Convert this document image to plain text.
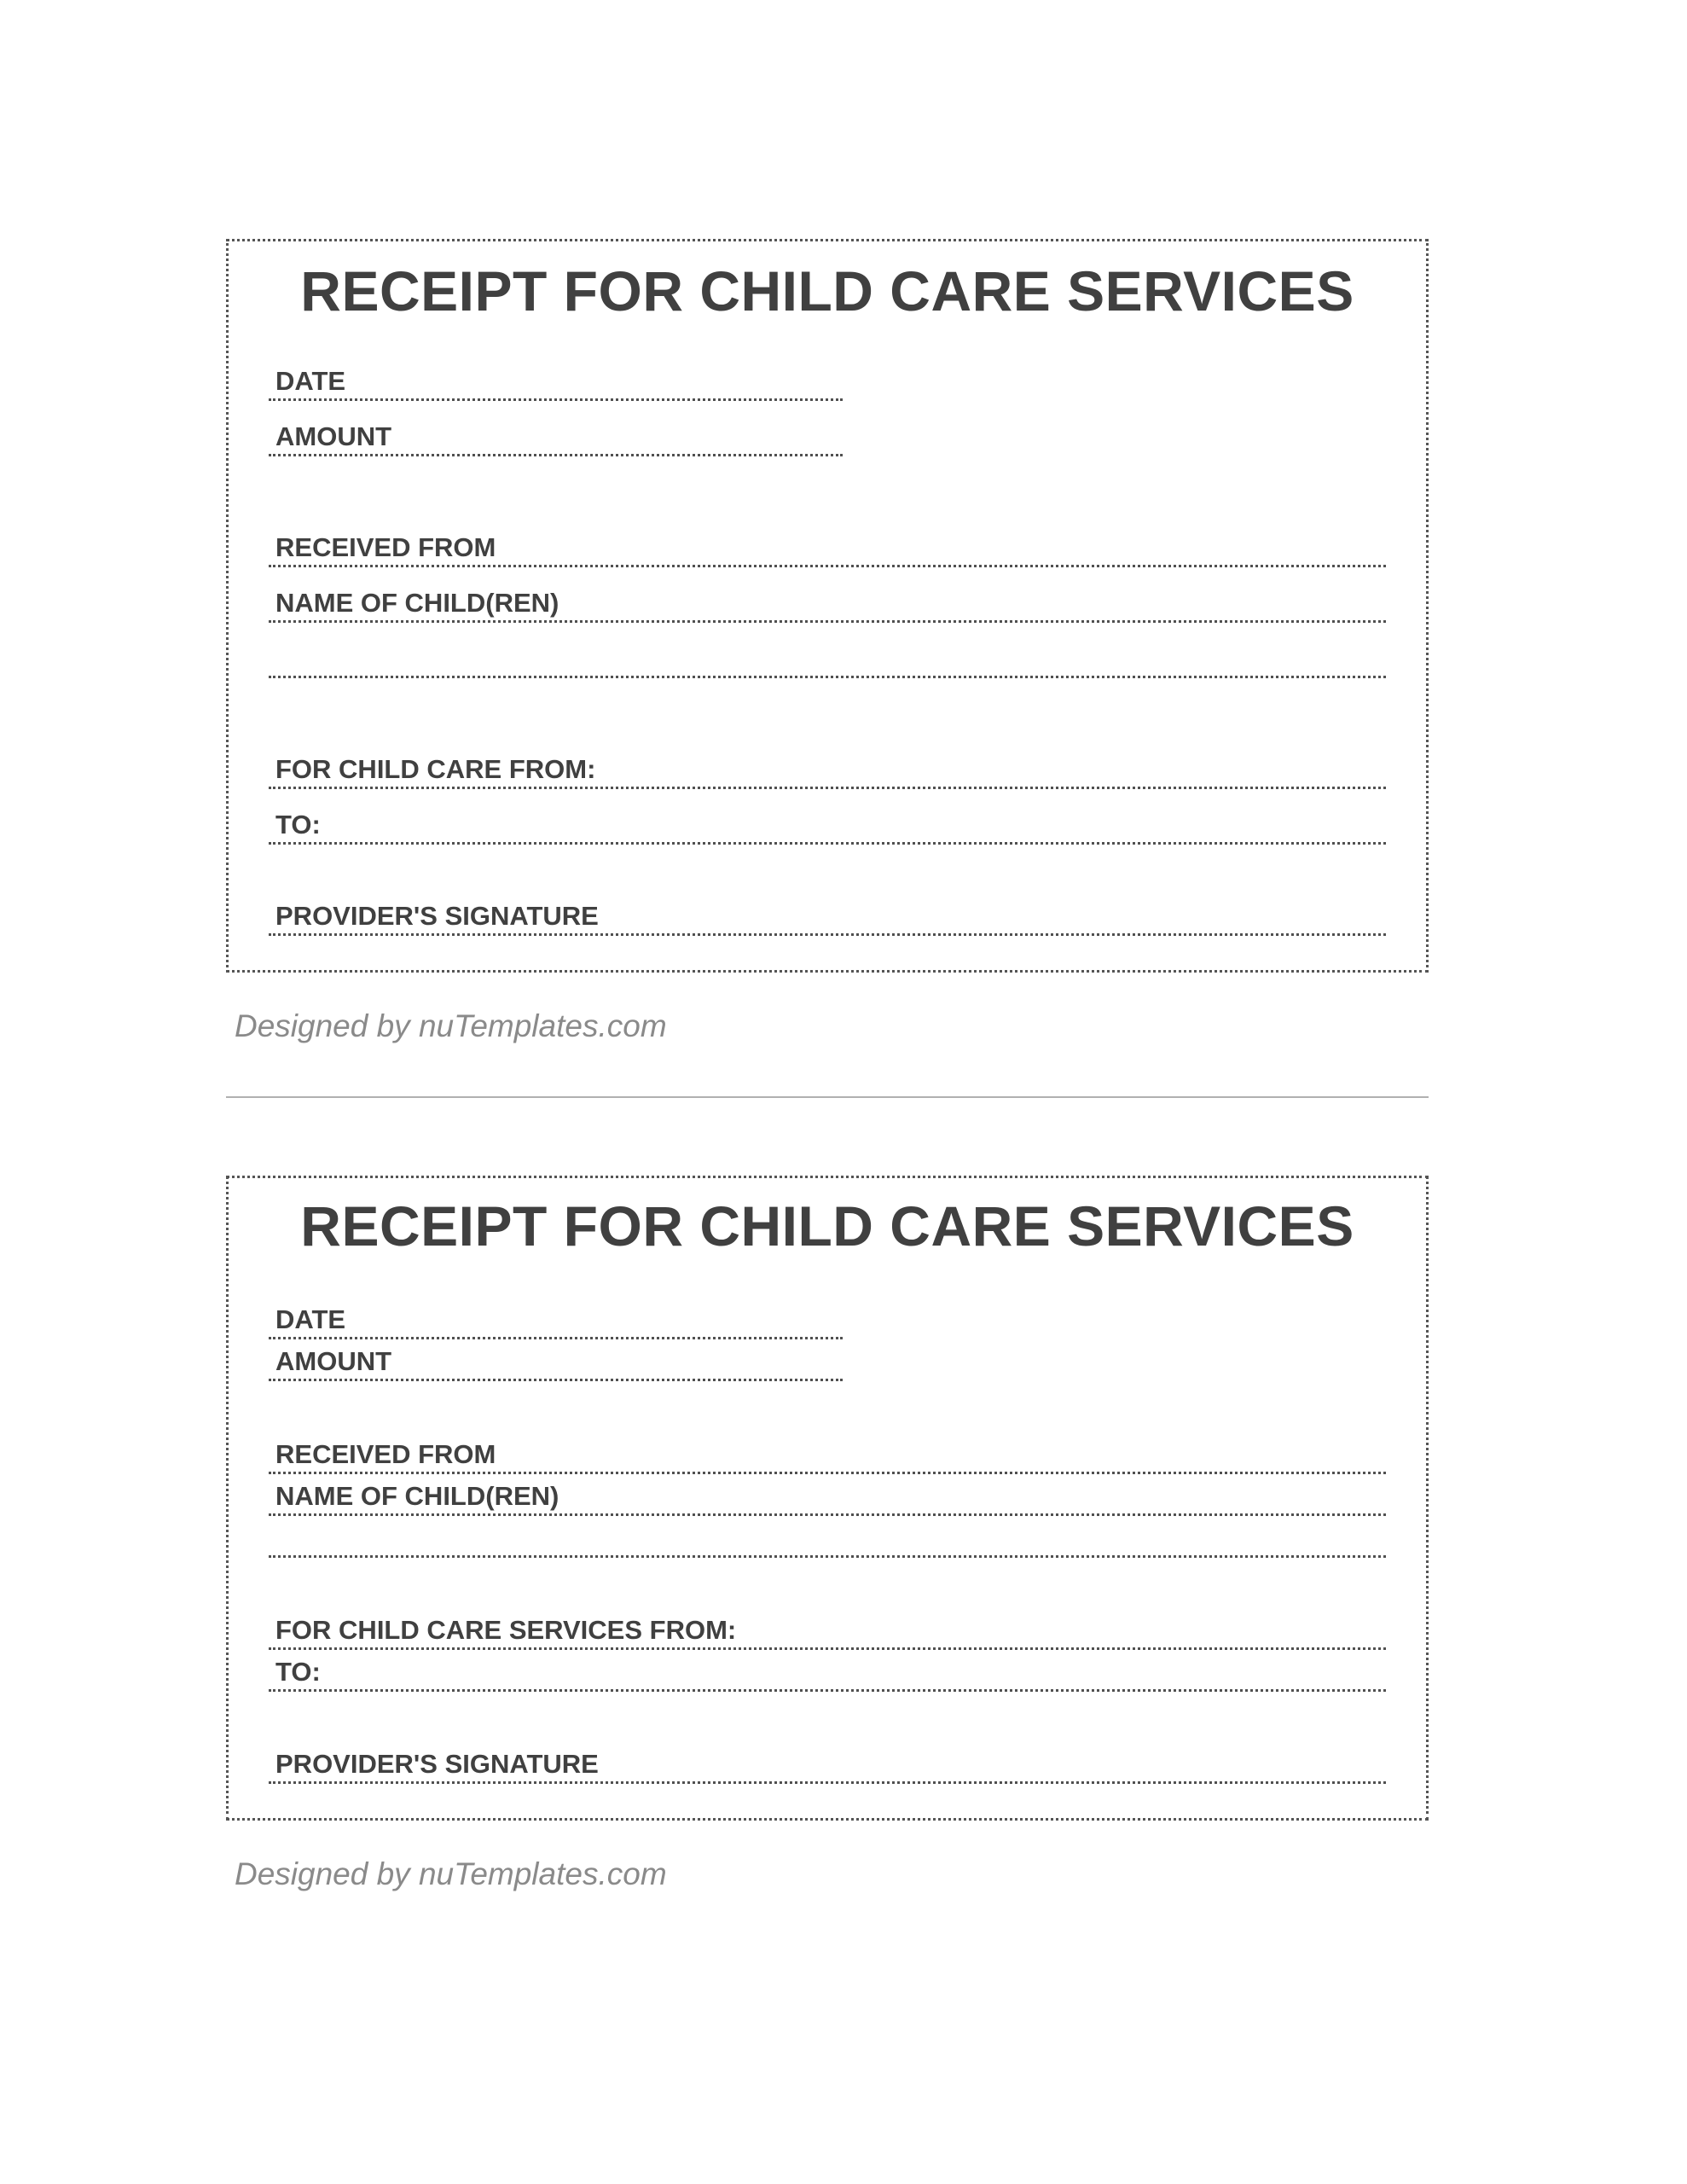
RECEIPT FOR CHILD CARE SERVICES
DATE
AMOUNT
RECEIVED FROM
NAME OF CHILD(REN)
FOR CHILD CARE FROM:
TO:
PROVIDER'S SIGNATURE
Designed by nuTemplates.com
RECEIPT FOR CHILD CARE SERVICES
DATE
AMOUNT
RECEIVED FROM
NAME OF CHILD(REN)
FOR CHILD CARE SERVICES FROM:
TO:
PROVIDER'S SIGNATURE
Designed by nuTemplates.com
